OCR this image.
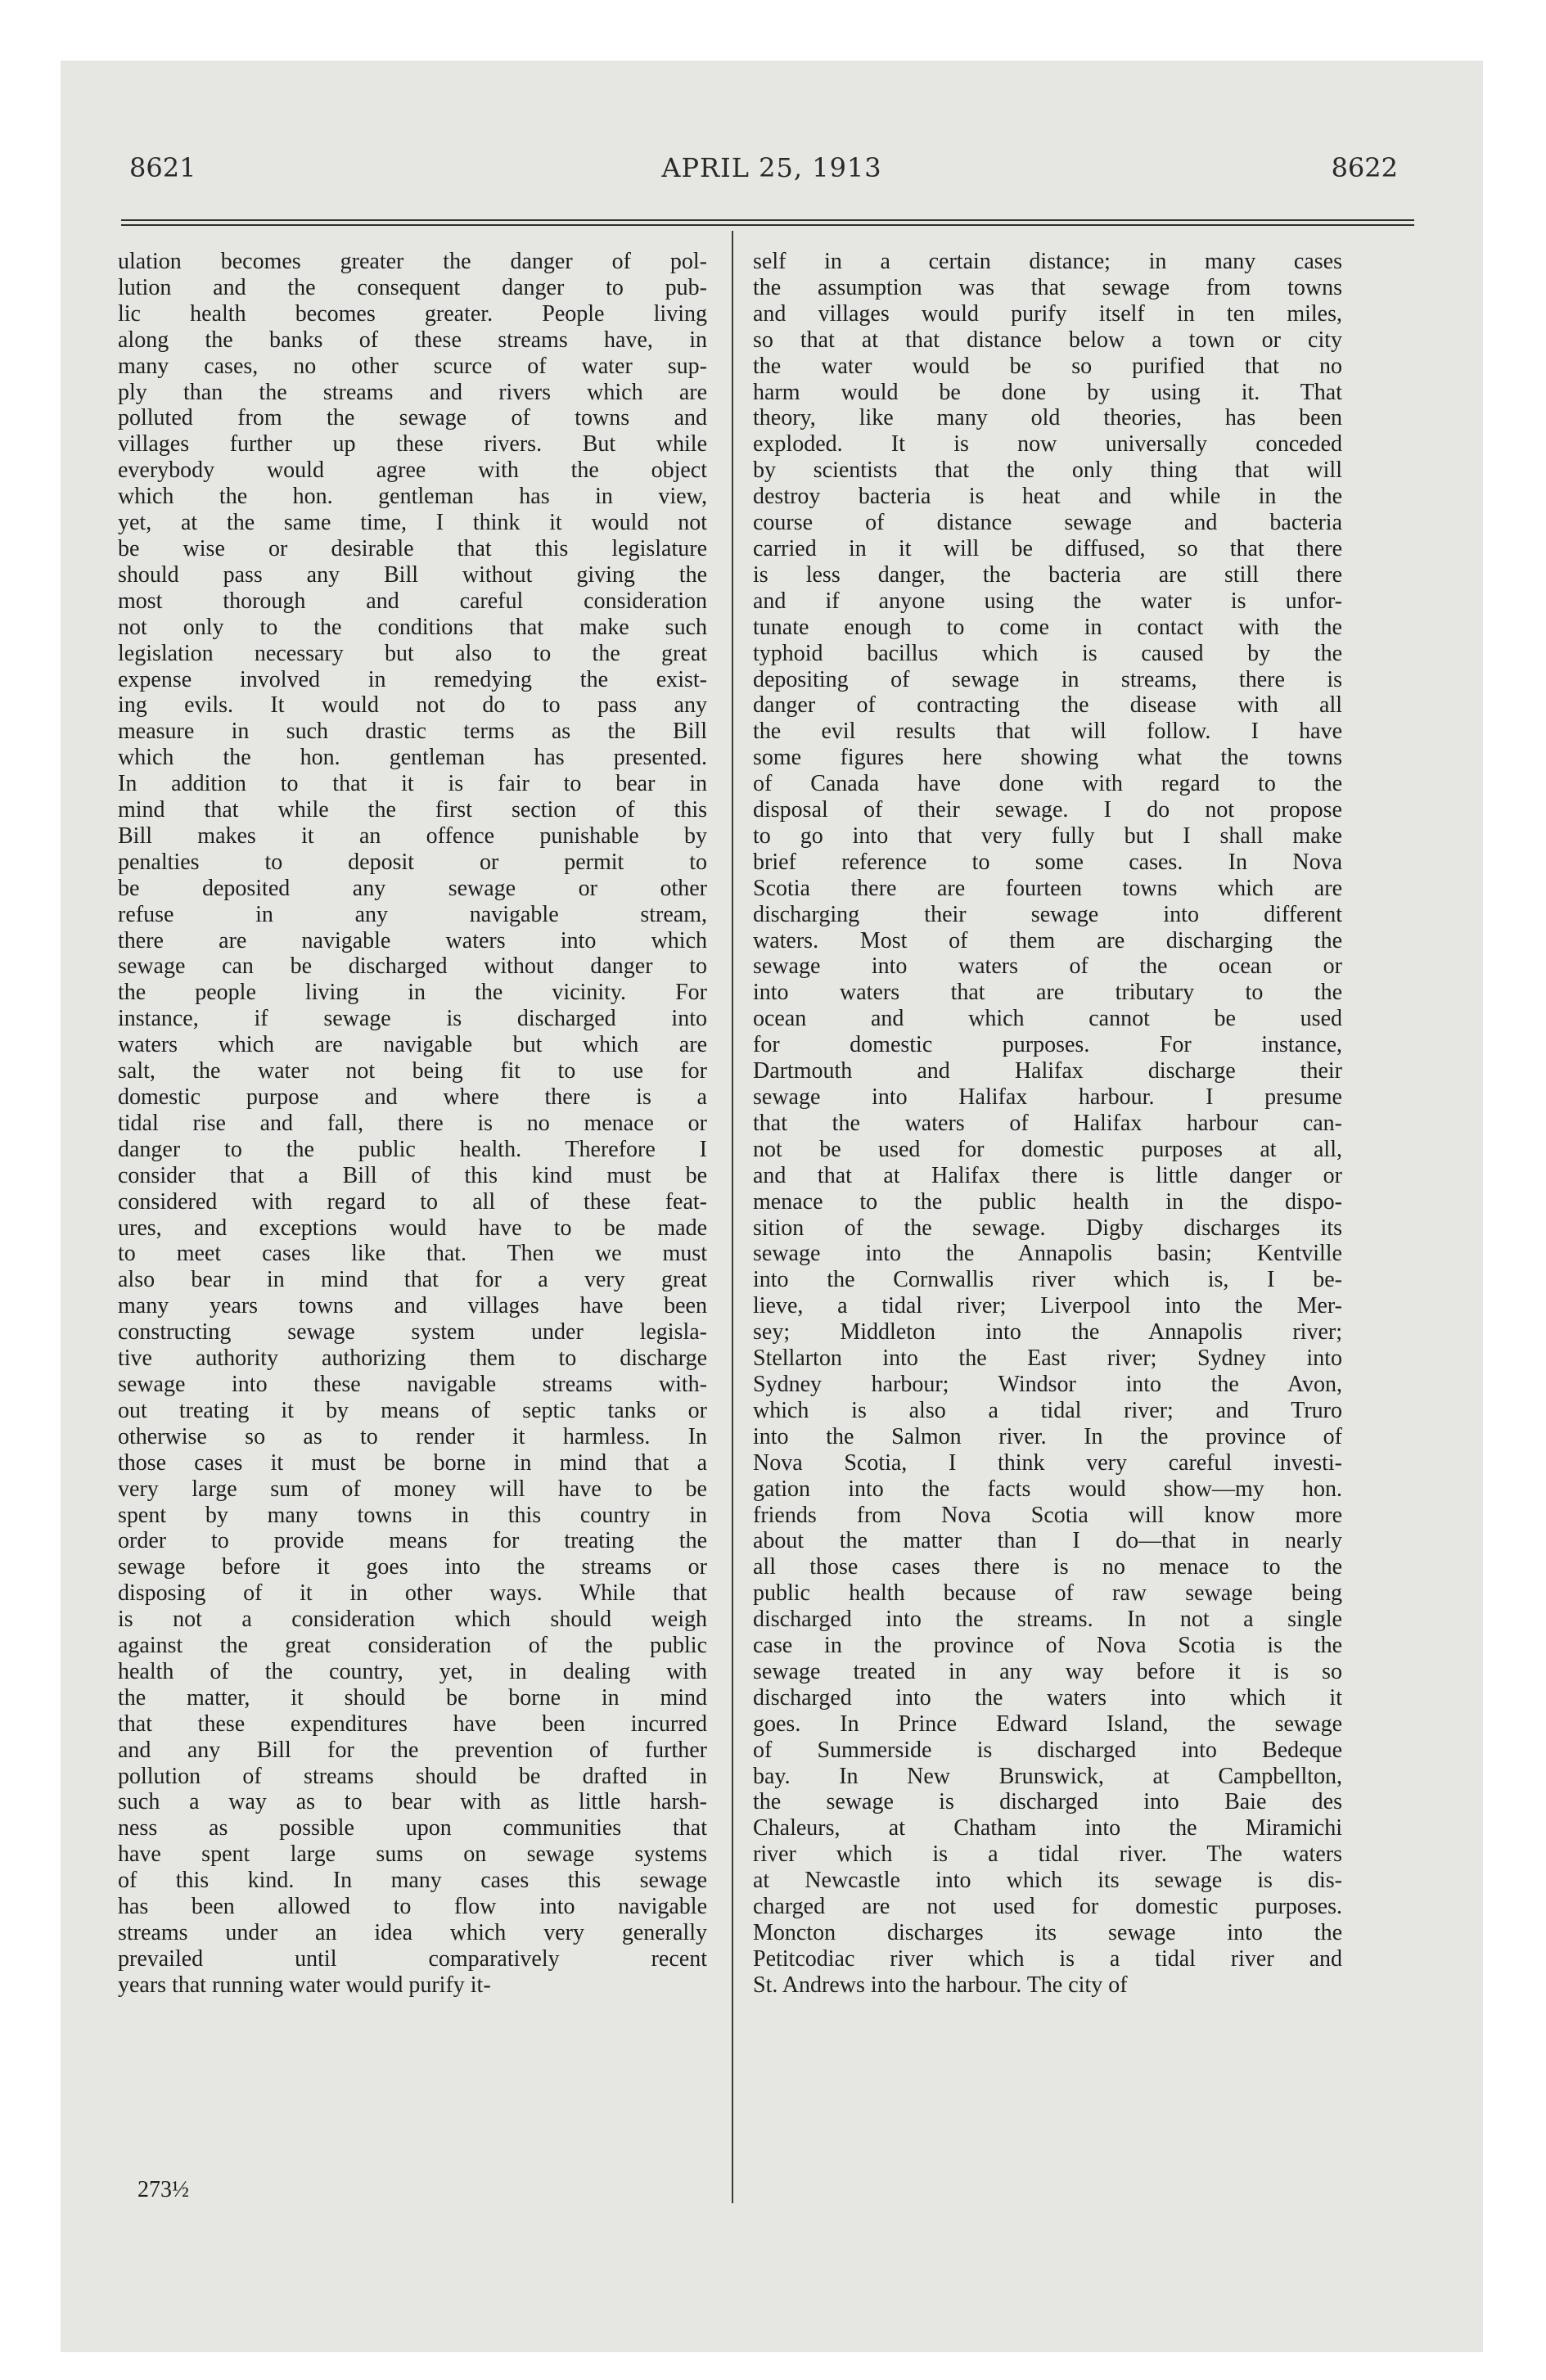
8621	APRIL 25, 1913	8622

ulation becomes greater the danger of pol-
lution and the consequent danger to pub-
lic health becomes greater. People living
along the banks of these streams have, in
many cases, no other scurce of water sup-
ply than the streams and rivers which are
polluted from the sewage of towns and
villages further up these rivers. But while
everybody would agree with the object
which the hon. gentleman has in view,
yet, at the same time, I think it would not
be wise or desirable that this legislature
should pass any Bill without giving the
most thorough and careful consideration
not only to the conditions that make such
legislation necessary but also to the great
expense involved in remedying the exist-
ing evils. It would not do to pass any
measure in such drastic terms as the Bill
which the hon. gentleman has presented.
In addition to that it is fair to bear in
mind that while the first section of this
Bill makes it an offence punishable by
penalties to deposit or permit to
be deposited any sewage or other
refuse in any navigable stream,
there are navigable waters into which
sewage can be discharged without danger to
the people living in the vicinity. For
instance, if sewage is discharged into
waters which are navigable but which are
salt, the water not being fit to use for
domestic purpose and where there is a
tidal rise and fall, there is no menace or
danger to the public health. Therefore I
consider that a Bill of this kind must be
considered with regard to all of these feat-
ures, and exceptions would have to be made
to meet cases like that. Then we must
also bear in mind that for a very great
many years towns and villages have been
constructing sewage system under legisla-
tive authority authorizing them to discharge
sewage into these navigable streams with-
out treating it by means of septic tanks or
otherwise so as to render it harmless. In
those cases it must be borne in mind that a
very large sum of money will have to be
spent by many towns in this country in
order to provide means for treating the
sewage before it goes into the streams or
disposing of it in other ways. While that
is not a consideration which should weigh
against the great consideration of the public
health of the country, yet, in dealing with
the matter, it should be borne in mind
that these expenditures have been incurred
and any Bill for the prevention of further
pollution of streams should be drafted in
such a way as to bear with as little harsh-
ness as possible upon communities that
have spent large sums on sewage systems
of this kind. In many cases this sewage
has been allowed to flow into navigable
streams under an idea which very generally
prevailed until comparatively recent
years that running water would purify it-

self in a certain distance; in many cases
the assumption was that sewage from towns
and villages would purify itself in ten miles,
so that at that distance below a town or city
the water would be so purified that no
harm would be done by using it. That
theory, like many old theories, has been
exploded. It is now universally conceded
by scientists that the only thing that will
destroy bacteria is heat and while in the
course of distance sewage and bacteria
carried in it will be diffused, so that there
is less danger, the bacteria are still there
and if anyone using the water is unfor-
tunate enough to come in contact with the
typhoid bacillus which is caused by the
depositing of sewage in streams, there is
danger of contracting the disease with all
the evil results that will follow. I have
some figures here showing what the towns
of Canada have done with regard to the
disposal of their sewage. I do not propose
to go into that very fully but I shall make
brief reference to some cases. In Nova
Scotia there are fourteen towns which are
discharging their sewage into different
waters. Most of them are discharging the
sewage into waters of the ocean or
into waters that are tributary to the
ocean and which cannot be used
for domestic purposes. For instance,
Dartmouth and Halifax discharge their
sewage into Halifax harbour. I presume
that the waters of Halifax harbour can-
not be used for domestic purposes at all,
and that at Halifax there is little danger or
menace to the public health in the dispo-
sition of the sewage. Digby discharges its
sewage into the Annapolis basin; Kentville
into the Cornwallis river which is, I be-
lieve, a tidal river; Liverpool into the Mer-
sey; Middleton into the Annapolis river;
Stellarton into the East river; Sydney into
Sydney harbour; Windsor into the Avon,
which is also a tidal river; and Truro
into the Salmon river. In the province of
Nova Scotia, I think very careful investi-
gation into the facts would show—my hon.
friends from Nova Scotia will know more
about the matter than I do—that in nearly
all those cases there is no menace to the
public health because of raw sewage being
discharged into the streams. In not a single
case in the province of Nova Scotia is the
sewage treated in any way before it is so
discharged into the waters into which it
goes. In Prince Edward Island, the sewage
of Summerside is discharged into Bedeque
bay. In New Brunswick, at Campbellton,
the sewage is discharged into Baie des
Chaleurs, at Chatham into the Miramichi
river which is a tidal river. The waters
at Newcastle into which its sewage is dis-
charged are not used for domestic purposes.
Moncton discharges its sewage into the
Petitcodiac river which is a tidal river and
St. Andrews into the harbour. The city of

273½
